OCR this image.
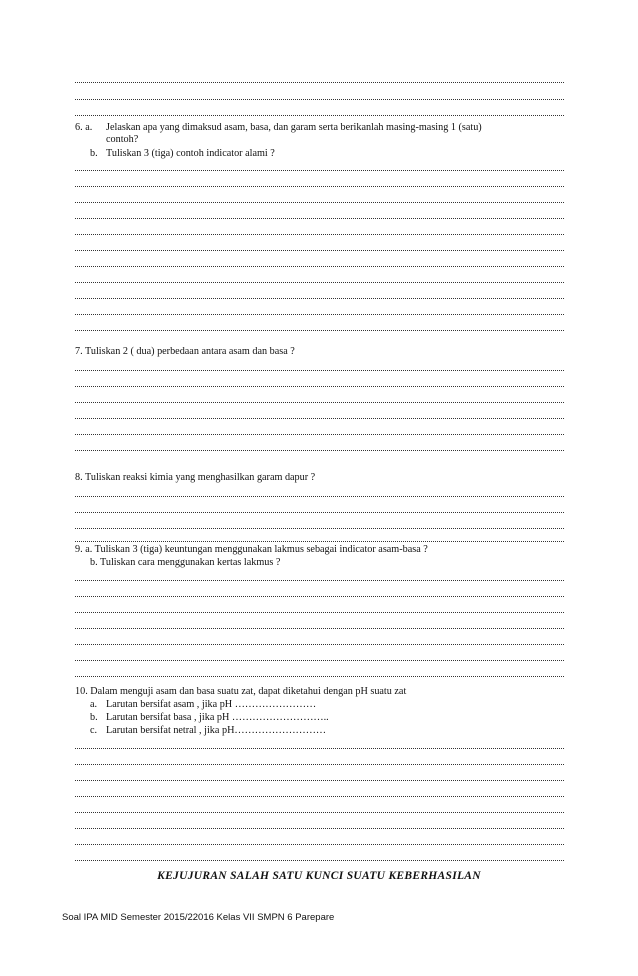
6. a. Jelaskan apa yang dimaksud asam, basa, dan garam serta berikanlah masing-masing 1 (satu)
contoh?
b. Tuliskan 3 (tiga) contoh indicator alami ?
7. Tuliskan 2 ( dua) perbedaan antara asam dan basa ?
8. Tuliskan reaksi kimia yang menghasilkan garam dapur ?
9. a. Tuliskan 3 (tiga) keuntungan menggunakan lakmus sebagai indicator asam-basa ?
b. Tuliskan cara menggunakan kertas lakmus ?
10. Dalam menguji asam dan basa suatu zat, dapat diketahui dengan pH suatu zat
a. Larutan bersifat asam , jika pH ……………………
b. Larutan bersifat basa , jika pH ………………………..
c. Larutan bersifat netral , jika pH………………………
KEJUJURAN SALAH SATU KUNCI SUATU KEBERHASILAN
Soal IPA MID Semester 2015/22016 Kelas VII SMPN 6 Parepare
